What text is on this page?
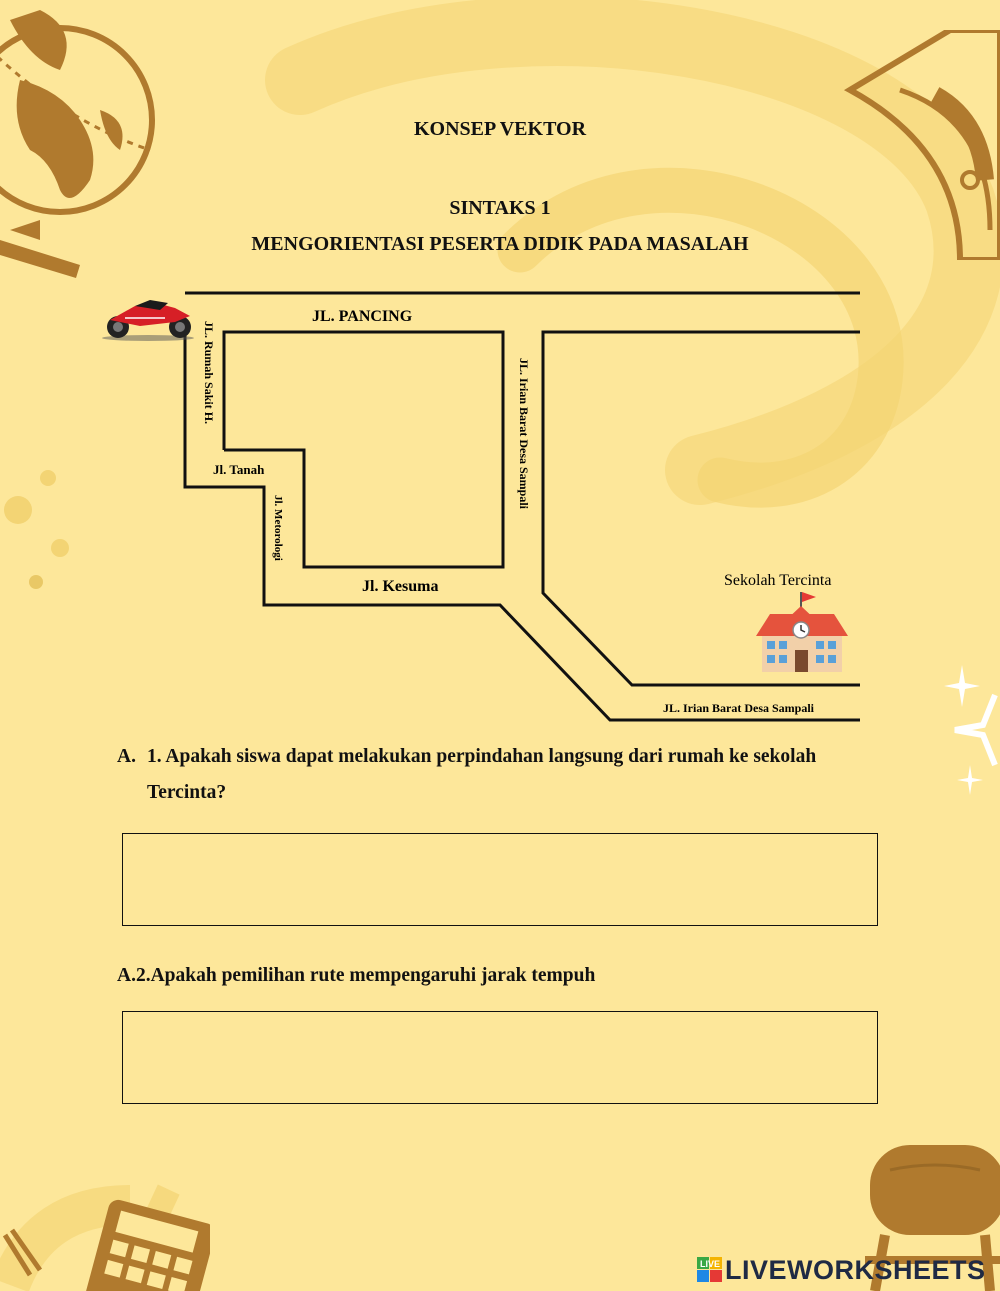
KONSEP VEKTOR
SINTAKS 1
MENGORIENTASI PESERTA DIDIK PADA MASALAH
JL. PANCING
JL. Rumah Sakit H.
Jl. Tanah
Jl. Metorologi
Jl. Kesuma
JL. Irian Barat Desa Sampali
JL. Irian Barat Desa Sampali
Sekolah Tercinta

A. 1. Apakah siswa dapat melakukan perpindahan langsung dari rumah ke sekolah

Tercinta?

A.2.Apakah pemilihan rute mempengaruhi jarak tempuh

LIVE LIVEWORKSHEETS
